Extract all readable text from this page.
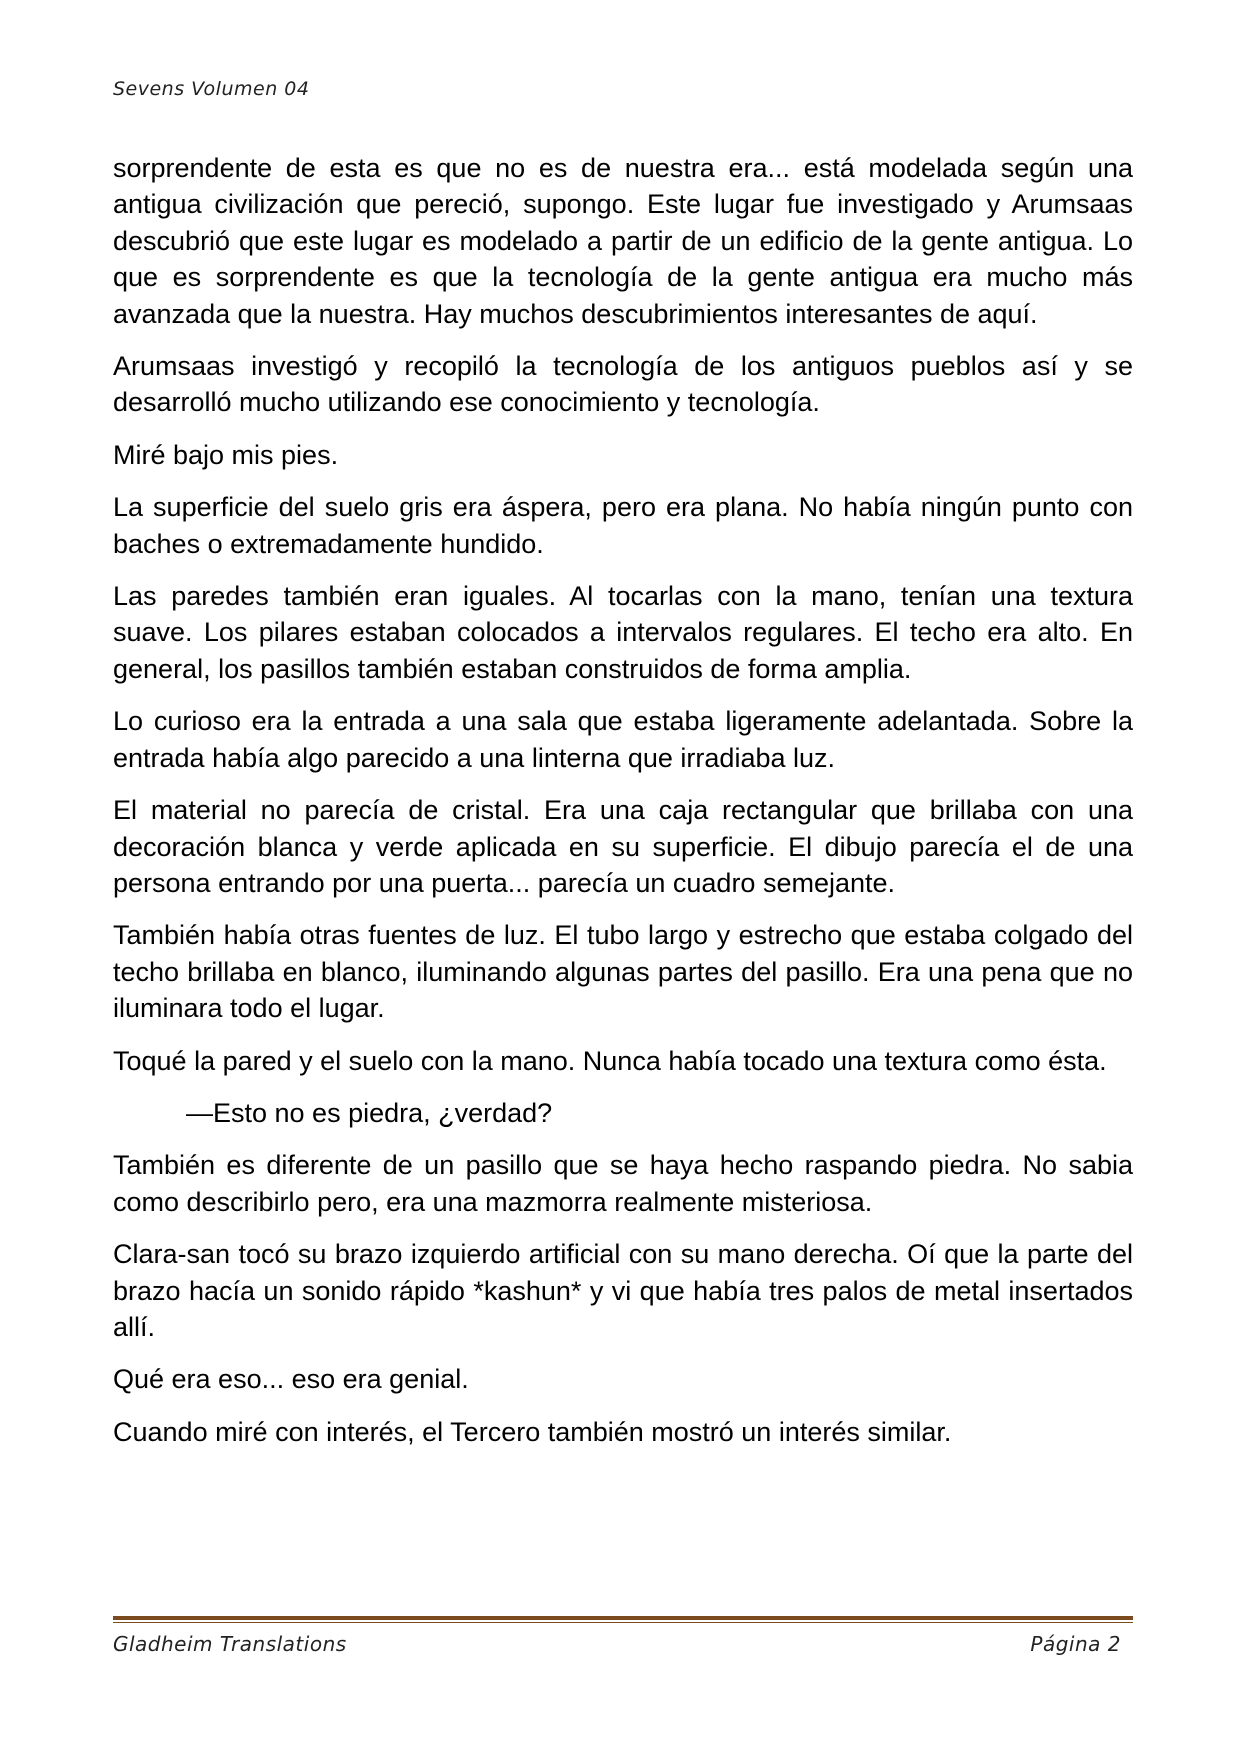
Sevens Volumen 04

sorprendente de esta es que no es de nuestra era... está modelada según una antigua civilización que pereció, supongo. Este lugar fue investigado y Arumsaas descubrió que este lugar es modelado a partir de un edificio de la gente antigua. Lo que es sorprendente es que la tecnología de la gente antigua era mucho más avanzada que la nuestra. Hay muchos descubrimientos interesantes de aquí.

Arumsaas investigó y recopiló la tecnología de los antiguos pueblos así y se desarrolló mucho utilizando ese conocimiento y tecnología.

Miré bajo mis pies.

La superficie del suelo gris era áspera, pero era plana. No había ningún punto con baches o extremadamente hundido.

Las paredes también eran iguales. Al tocarlas con la mano, tenían una textura suave. Los pilares estaban colocados a intervalos regulares. El techo era alto. En general, los pasillos también estaban construidos de forma amplia.

Lo curioso era la entrada a una sala que estaba ligeramente adelantada. Sobre la entrada había algo parecido a una linterna que irradiaba luz.

El material no parecía de cristal. Era una caja rectangular que brillaba con una decoración blanca y verde aplicada en su superficie. El dibujo parecía el de una persona entrando por una puerta... parecía un cuadro semejante.

También había otras fuentes de luz. El tubo largo y estrecho que estaba colgado del techo brillaba en blanco, iluminando algunas partes del pasillo. Era una pena que no iluminara todo el lugar.

Toqué la pared y el suelo con la mano. Nunca había tocado una textura como ésta.

—Esto no es piedra, ¿verdad?

También es diferente de un pasillo que se haya hecho raspando piedra. No sabia como describirlo pero, era una mazmorra realmente misteriosa.

Clara-san tocó su brazo izquierdo artificial con su mano derecha. Oí que la parte del brazo hacía un sonido rápido *kashun* y vi que había tres palos de metal insertados allí.

Qué era eso... eso era genial.

Cuando miré con interés, el Tercero también mostró un interés similar.

Gladheim Translations	Página 2
